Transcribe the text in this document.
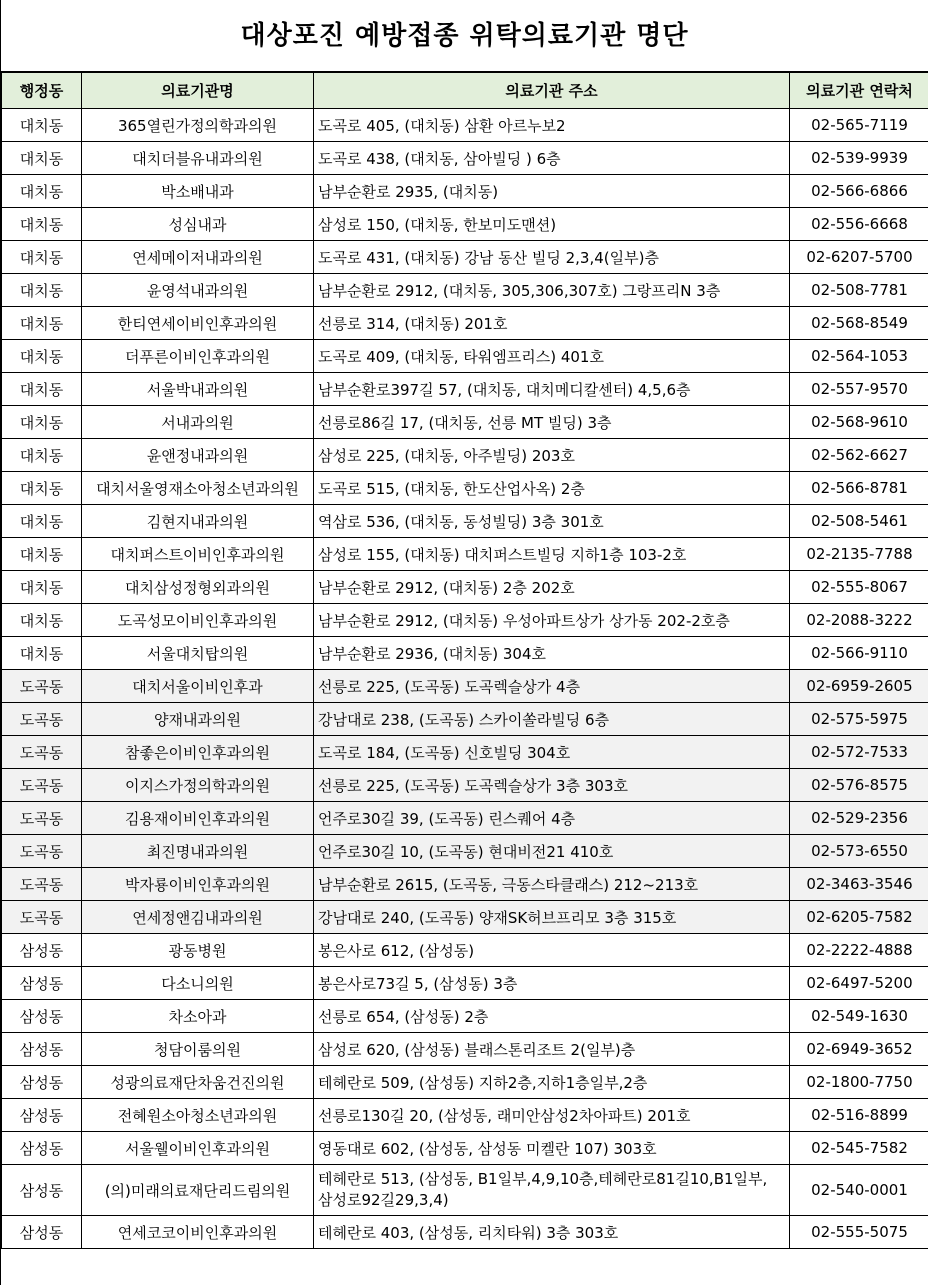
대상포진 예방접종 위탁의료기관 명단
행정동	의료기관명	의료기관 주소	의료기관 연락처
대치동	365열린가정의학과의원	도곡로 405, (대치동) 삼환 아르누보2	02-565-7119
대치동	대치더블유내과의원	도곡로 438, (대치동, 삼아빌딩 ) 6층	02-539-9939
대치동	박소배내과	남부순환로 2935, (대치동)	02-566-6866
대치동	성심내과	삼성로 150, (대치동, 한보미도맨션)	02-556-6668
대치동	연세메이저내과의원	도곡로 431, (대치동) 강남 동산 빌딩 2,3,4(일부)층	02-6207-5700
대치동	윤영석내과의원	남부순환로 2912, (대치동, 305,306,307호) 그랑프리N 3층	02-508-7781
대치동	한티연세이비인후과의원	선릉로 314, (대치동) 201호	02-568-8549
대치동	더푸른이비인후과의원	도곡로 409, (대치동, 타워엠프리스) 401호	02-564-1053
대치동	서울박내과의원	남부순환로397길 57, (대치동, 대치메디칼센터) 4,5,6층	02-557-9570
대치동	서내과의원	선릉로86길 17, (대치동, 선릉 MT 빌딩) 3층	02-568-9610
대치동	윤앤정내과의원	삼성로 225, (대치동, 아주빌딩) 203호	02-562-6627
대치동	대치서울영재소아청소년과의원	도곡로 515, (대치동, 한도산업사옥) 2층	02-566-8781
대치동	김현지내과의원	역삼로 536, (대치동, 동성빌딩) 3층 301호	02-508-5461
대치동	대치퍼스트이비인후과의원	삼성로 155, (대치동) 대치퍼스트빌딩 지하1층 103-2호	02-2135-7788
대치동	대치삼성정형외과의원	남부순환로 2912, (대치동) 2층 202호	02-555-8067
대치동	도곡성모이비인후과의원	남부순환로 2912, (대치동) 우성아파트상가 상가동 202-2호층	02-2088-3222
대치동	서울대치탑의원	남부순환로 2936, (대치동) 304호	02-566-9110
도곡동	대치서울이비인후과	선릉로 225, (도곡동) 도곡렉슬상가 4층	02-6959-2605
도곡동	양재내과의원	강남대로 238, (도곡동) 스카이쏠라빌딩 6층	02-575-5975
도곡동	참좋은이비인후과의원	도곡로 184, (도곡동) 신호빌딩 304호	02-572-7533
도곡동	이지스가정의학과의원	선릉로 225, (도곡동) 도곡렉슬상가 3층 303호	02-576-8575
도곡동	김용재이비인후과의원	언주로30길 39, (도곡동) 린스퀘어 4층	02-529-2356
도곡동	최진명내과의원	언주로30길 10, (도곡동) 현대비전21 410호	02-573-6550
도곡동	박자룡이비인후과의원	남부순환로 2615, (도곡동, 극동스타클래스) 212~213호	02-3463-3546
도곡동	연세정앤김내과의원	강남대로 240, (도곡동) 양재SK허브프리모 3층 315호	02-6205-7582
삼성동	광동병원	봉은사로 612, (삼성동)	02-2222-4888
삼성동	다소니의원	봉은사로73길 5, (삼성동) 3층	02-6497-5200
삼성동	차소아과	선릉로 654, (삼성동) 2층	02-549-1630
삼성동	청담이룸의원	삼성로 620, (삼성동) 블래스톤리조트 2(일부)층	02-6949-3652
삼성동	성광의료재단차움건진의원	테헤란로 509, (삼성동) 지하2층,지하1층일부,2층	02-1800-7750
삼성동	전혜원소아청소년과의원	선릉로130길 20, (삼성동, 래미안삼성2차아파트) 201호	02-516-8899
삼성동	서울웰이비인후과의원	영동대로 602, (삼성동, 삼성동 미켈란 107) 303호	02-545-7582
삼성동	(의)미래의료재단리드림의원	테헤란로 513, (삼성동, B1일부,4,9,10층,테헤란로81길10,B1일부, 삼성로92길29,3,4)	02-540-0001
삼성동	연세코코이비인후과의원	테헤란로 403, (삼성동, 리치타워) 3층 303호	02-555-5075
